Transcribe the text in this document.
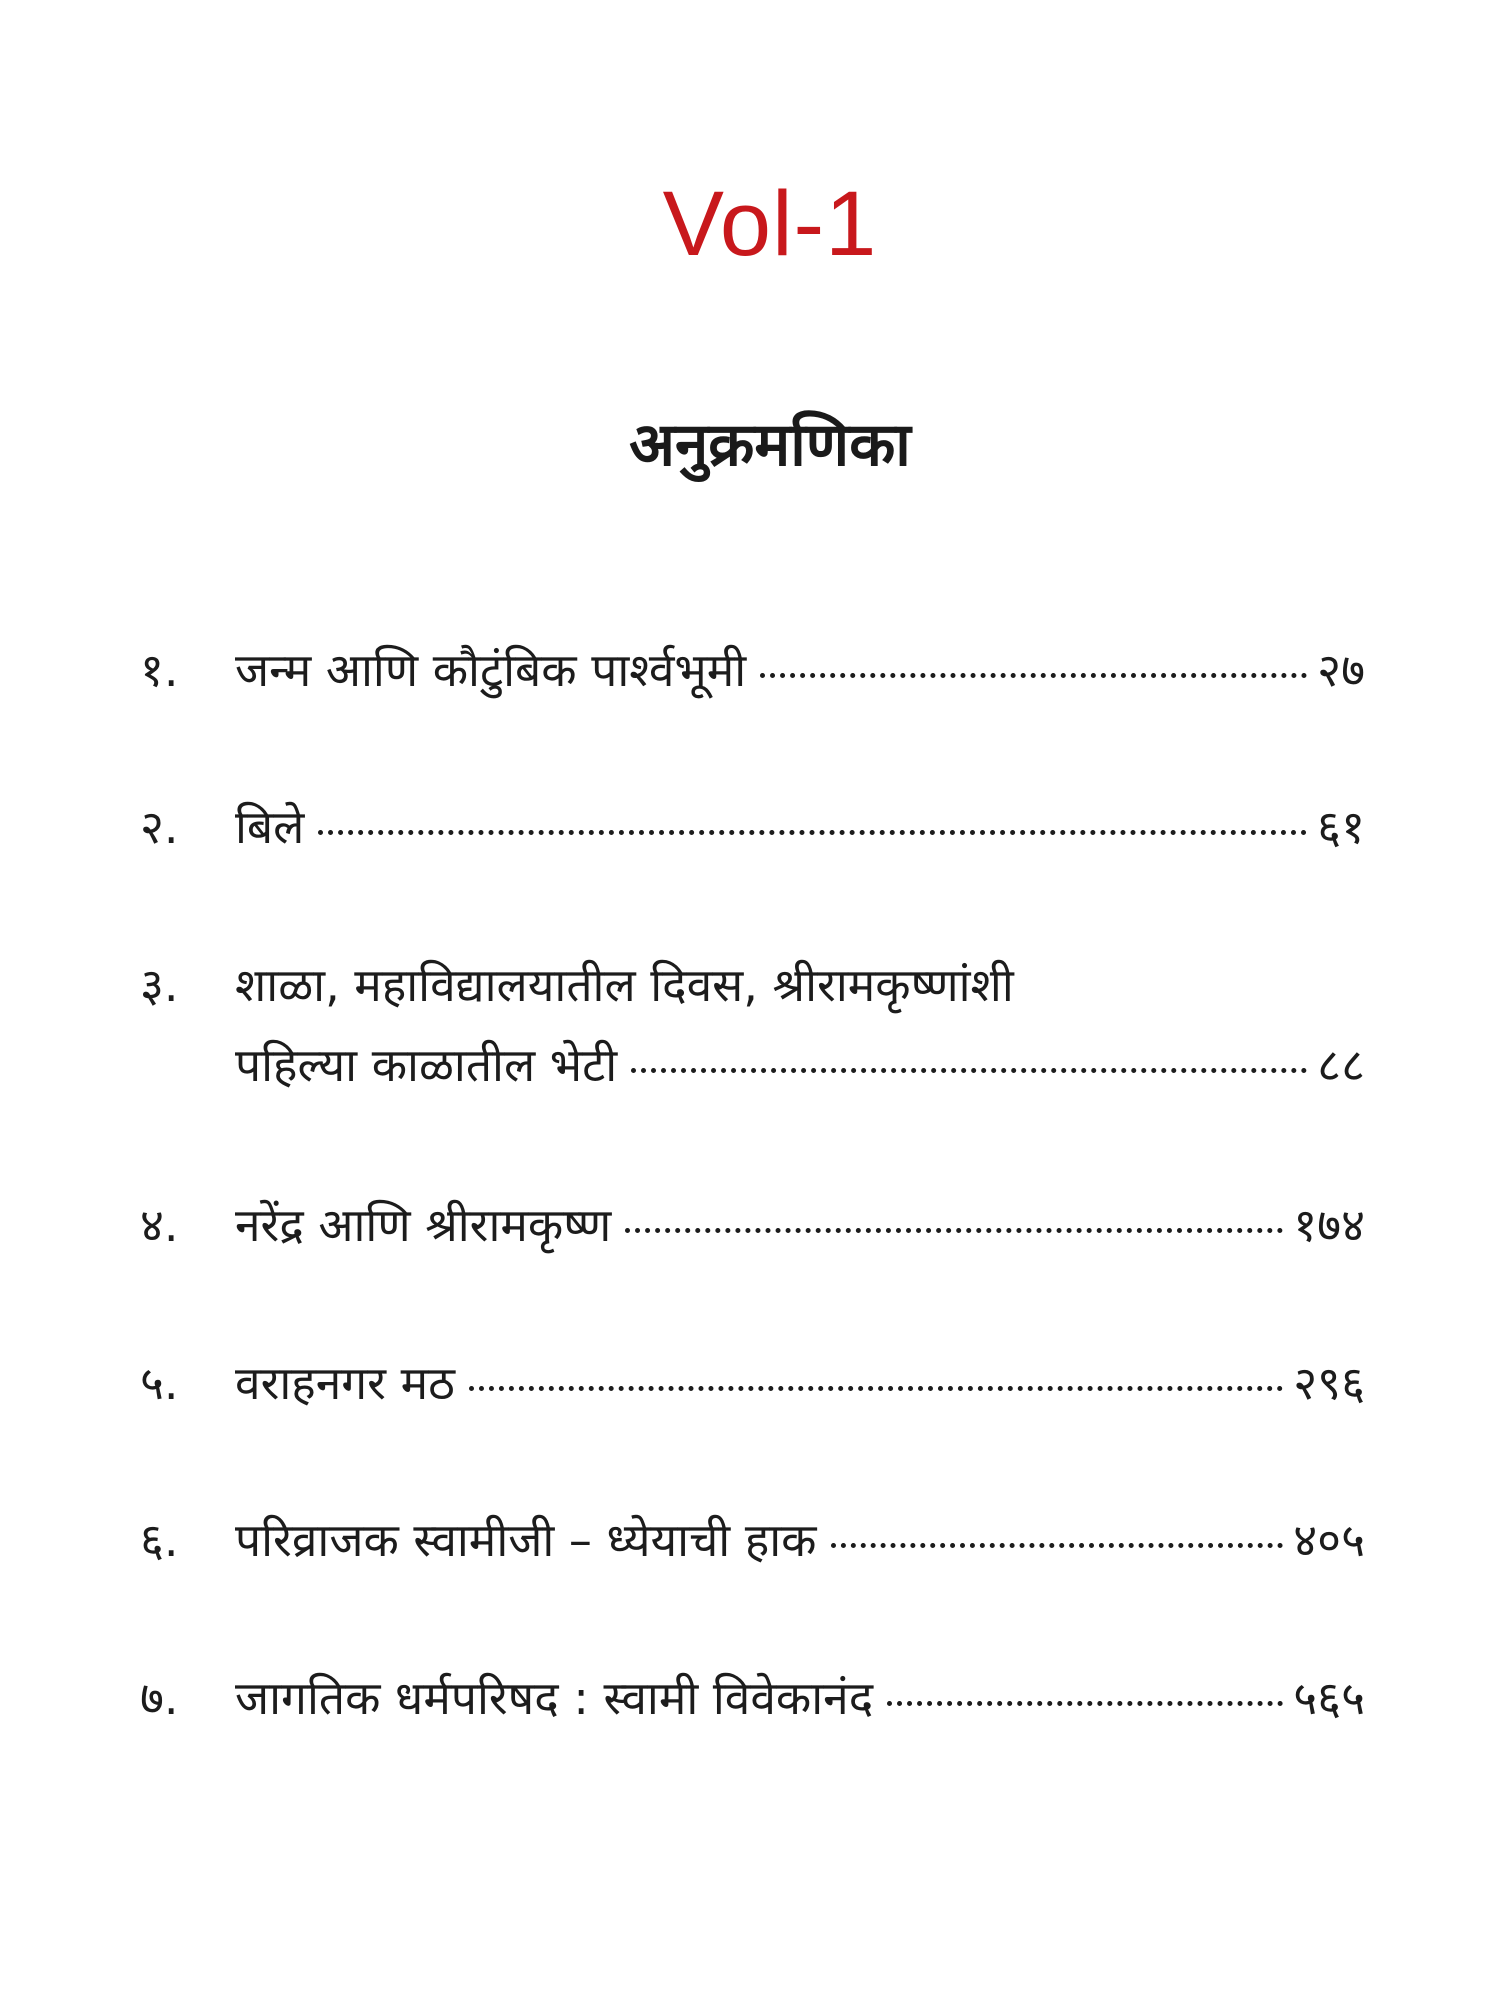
Vol-1
अनुक्रमणिका
१.	जन्म आणि कौटुंबिक पार्श्वभूमी	२७
२.	बिले	६१
३.	शाळा, महाविद्यालयातील दिवस, श्रीरामकृष्णांशी
पहिल्या काळातील भेटी	८८
४.	नरेंद्र आणि श्रीरामकृष्ण	१७४
५.	वराहनगर मठ	२९६
६.	परिव्राजक स्वामीजी – ध्येयाची हाक	४०५
७.	जागतिक धर्मपरिषद : स्वामी विवेकानंद	५६५
